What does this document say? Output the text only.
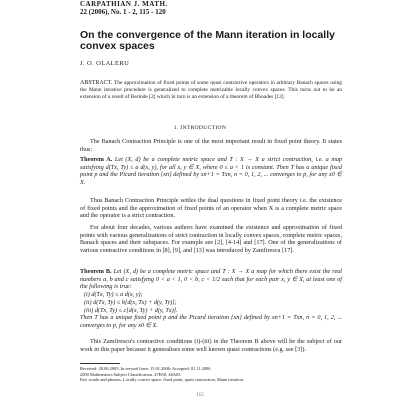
CARPATHIAN J. MATH.
22 (2006), No. 1 - 2, 115 - 120
On the convergence of the Mann iteration in locally convex spaces
J. O. OLALERU
ABSTRACT. The approximation of fixed points of some quasi contractive operators in arbitrary Banach spaces using the Mann iterative procedure is generalized to complete metrizable locally convex spaces. This turns out to be an extension of a result of Berinde [2] which in turn is an extension of a theorem of Rhoades [12].
1. INTRODUCTION
The Banach Contraction Principle is one of the most important result in fixed point theory. It states thus:
Theorem A. Let (X, d) be a complete metric space and T : X → X a strict contraction, i.e. a map satisfying d(Tx, Ty) ≤ a d(x, y), for all x, y ∈ X, where 0 ≤ a < 1 is constant. Then T has a unique fixed point p and the Picard iteration {xn} defined by xn+1 = Txn, n = 0, 1, 2, ... converges to p, for any x0 ∈ X.
Thus Banach Contraction Principle settles the dual questions in fixed point theory i.e. the existence of fixed points and the approximation of fixed points of an operator when X is a complete metric space and the operator is a strict contraction.
For about four decades, various authors have examined the existence and approximation of fixed points with various generalizations of strict contraction in locally convex spaces, complete metric spaces, Banach spaces and their subspaces. For example see [2], [4-14] and [17]. One of the generalizations of various contractive conditions in [8], [9], and [13] was introduced by Zamfirescu [17].
Theorem B. Let (X, d) be a complete metric space and T : X → X a map for which there exist the real numbers a, b and c satisfying 0 < a < 1, 0 < b, c < 1/2 such that for each pair x, y ∈ X, at least one of the following is true:
(i) d(Tx, Ty) ≤ a d(x, y);
(ii) d(Tx, Ty) ≤ b[d(x, Tx) + d(y, Ty)];
(iii) d(Tx, Ty) ≤ c[d(x, Ty) + d(y, Tx)].
Then T has a unique fixed point p and the Picard iteration {xn} defined by xn+1 = Txn, n = 0, 1, 2, ... converges to p, for any x0 ∈ X.
This Zamfirescu's contractive conditions (i)-(iii) in the Theorem B above will be the subject of our work in this paper because it generalises some well known quasi contractions (e.g. see [3]).
Received: 28.06.2005; In revised form: 15.01.2006; Accepted: 01.11.2006
2000 Mathematics Subject Classification. 47H10, 46A03.
Key words and phrases. Locally convex space, fixed point, quasi contraction, Mann iteration.
115
